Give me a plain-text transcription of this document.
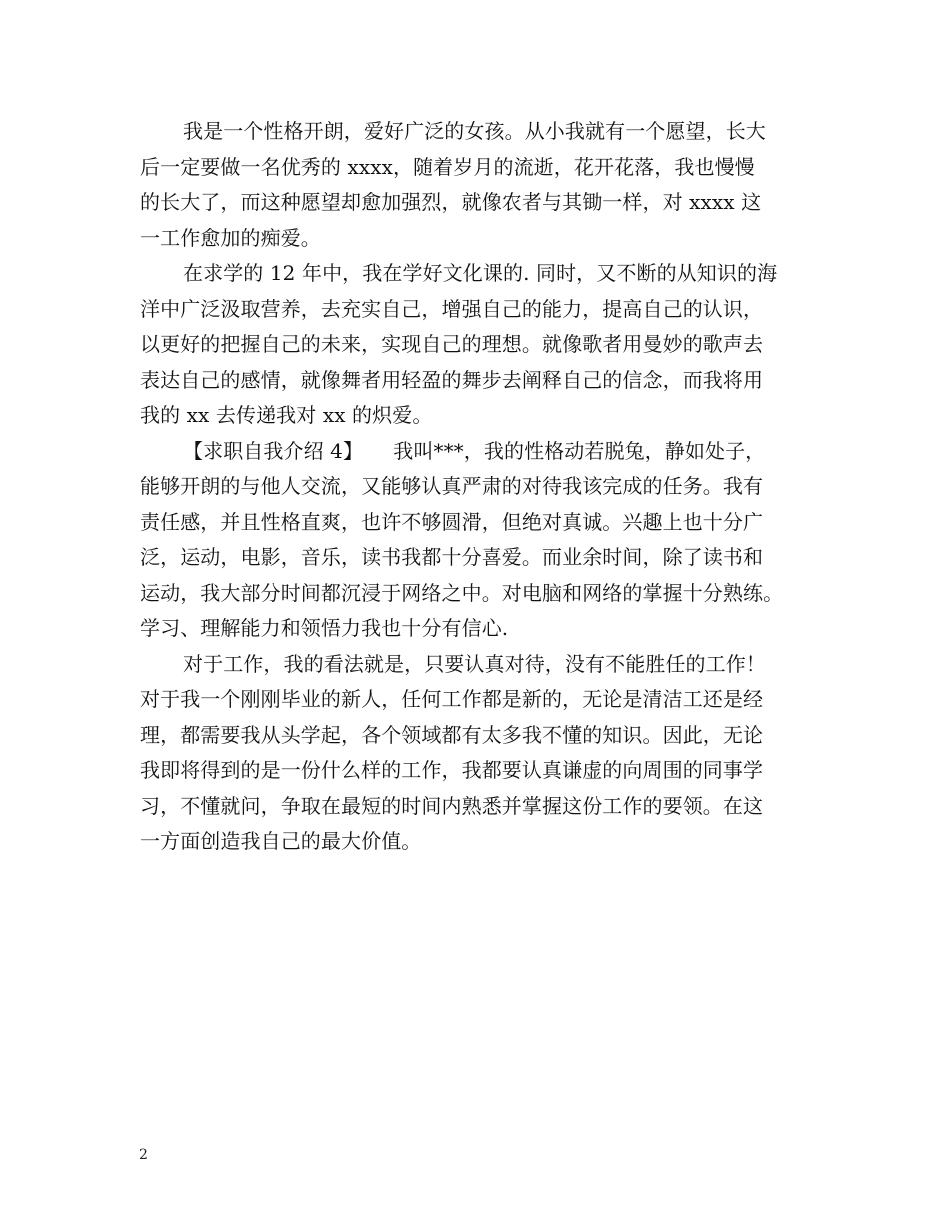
我是一个性格开朗，爱好广泛的女孩。从小我就有一个愿望，长大
后一定要做一名优秀的 xxxx，随着岁月的流逝，花开花落，我也慢慢
的长大了，而这种愿望却愈加强烈，就像农者与其锄一样，对 xxxx 这
一工作愈加的痴爱。
在求学的 12 年中，我在学好文化课的. 同时，又不断的从知识的海
洋中广泛汲取营养，去充实自己，增强自己的能力，提高自己的认识，
以更好的把握自己的未来，实现自己的理想。就像歌者用曼妙的歌声去
表达自己的感情，就像舞者用轻盈的舞步去阐释自己的信念，而我将用
我的 xx 去传递我对 xx 的炽爱。
【求职自我介绍 4】　　我叫***，我的性格动若脱兔，静如处子，
能够开朗的与他人交流，又能够认真严肃的对待我该完成的任务。我有
责任感，并且性格直爽，也许不够圆滑，但绝对真诚。兴趣上也十分广
泛，运动，电影，音乐，读书我都十分喜爱。而业余时间，除了读书和
运动，我大部分时间都沉浸于网络之中。对电脑和网络的掌握十分熟练。
学习、理解能力和领悟力我也十分有信心.
对于工作，我的看法就是，只要认真对待，没有不能胜任的工作！
对于我一个刚刚毕业的新人，任何工作都是新的，无论是清洁工还是经
理，都需要我从头学起，各个领域都有太多我不懂的知识。因此，无论
我即将得到的是一份什么样的工作，我都要认真谦虚的向周围的同事学
习，不懂就问，争取在最短的时间内熟悉并掌握这份工作的要领。在这
一方面创造我自己的最大价值。
2
